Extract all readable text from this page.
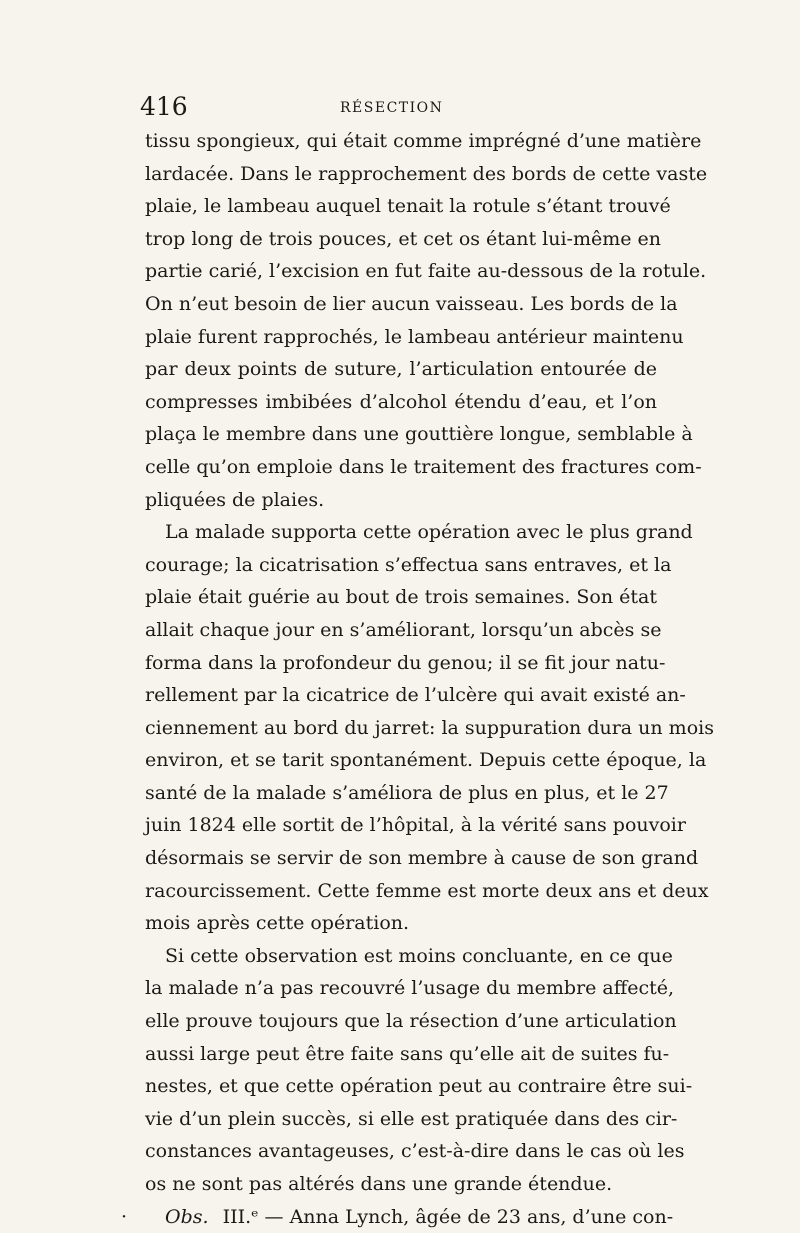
416	RÉSECTION
tissu spongieux, qui était comme imprégné d’une matière
lardacée. Dans le rapprochement des bords de cette vaste
plaie, le lambeau auquel tenait la rotule s’étant trouvé
trop long de trois pouces, et cet os étant lui-même en
partie carié, l’excision en fut faite au-dessous de la rotule.
On n’eut besoin de lier aucun vaisseau. Les bords de la
plaie furent rapprochés, le lambeau antérieur maintenu
par deux points de suture, l’articulation entourée de
compresses imbibées d’alcohol étendu d’eau, et l’on
plaça le membre dans une gouttière longue, semblable à
celle qu’on emploie dans le traitement des fractures com-
pliquées de plaies.
La malade supporta cette opération avec le plus grand
courage; la cicatrisation s’effectua sans entraves, et la
plaie était guérie au bout de trois semaines. Son état
allait chaque jour en s’améliorant, lorsqu’un abcès se
forma dans la profondeur du genou; il se fit jour natu-
rellement par la cicatrice de l’ulcère qui avait existé an-
ciennement au bord du jarret: la suppuration dura un mois
environ, et se tarit spontanément. Depuis cette époque, la
santé de la malade s’améliora de plus en plus, et le 27
juin 1824 elle sortit de l’hôpital, à la vérité sans pouvoir
désormais se servir de son membre à cause de son grand
racourcissement. Cette femme est morte deux ans et deux
mois après cette opération.
Si cette observation est moins concluante, en ce que
la malade n’a pas recouvré l’usage du membre affecté,
elle prouve toujours que la résection d’une articulation
aussi large peut être faite sans qu’elle ait de suites fu-
nestes, et que cette opération peut au contraire être sui-
vie d’un plein succès, si elle est pratiquée dans des cir-
constances avantageuses, c’est-à-dire dans le cas où les
os ne sont pas altérés dans une grande étendue.
· Obs. III.ᵉ — Anna Lynch, âgée de 23 ans, d’une con-
